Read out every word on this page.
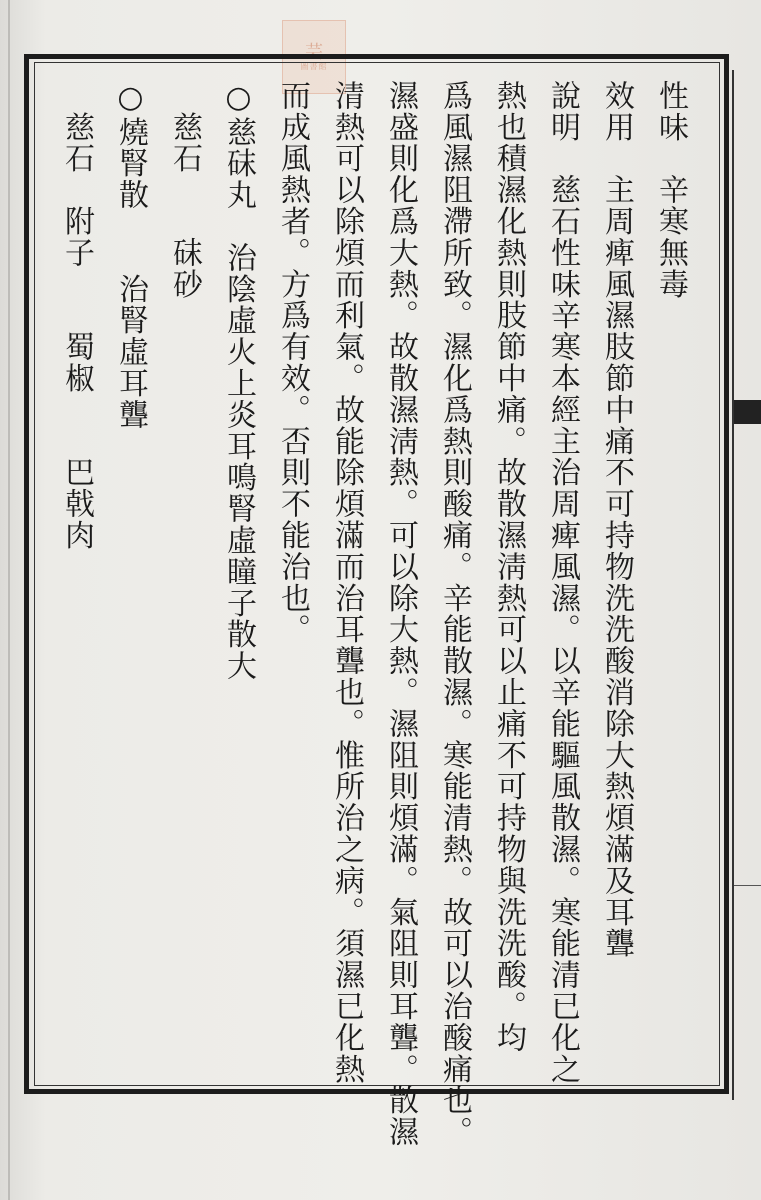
芸
圖書館
性味　辛寒無毒
效用　主周痺風濕肢節中痛不可持物洗洗酸消除大熱煩滿及耳聾
說明　慈石性味辛寒本經主治周痺風濕。以辛能驅風散濕。寒能清已化之
熱也積濕化熱則肢節中痛。故散濕淸熱可以止痛不可持物與洗洗酸。均
爲風濕阻滯所致。濕化爲熱則酸痛。辛能散濕。寒能清熱。故可以治酸痛也。
濕盛則化爲大熱。故散濕淸熱。可以除大熱。濕阻則煩滿。氣阻則耳聾。散濕
清熱可以除煩而利氣。故能除煩滿而治耳聾也。惟所治之病。須濕已化熱
而成風熱者。方爲有效。否則不能治也。
○慈砞丸　治陰虛火上炎耳鳴腎虛瞳子散大
　慈石　　砞砂
○燒腎散　　治腎虛耳聾
　慈石　附子　　蜀椒　　巴戟肉
